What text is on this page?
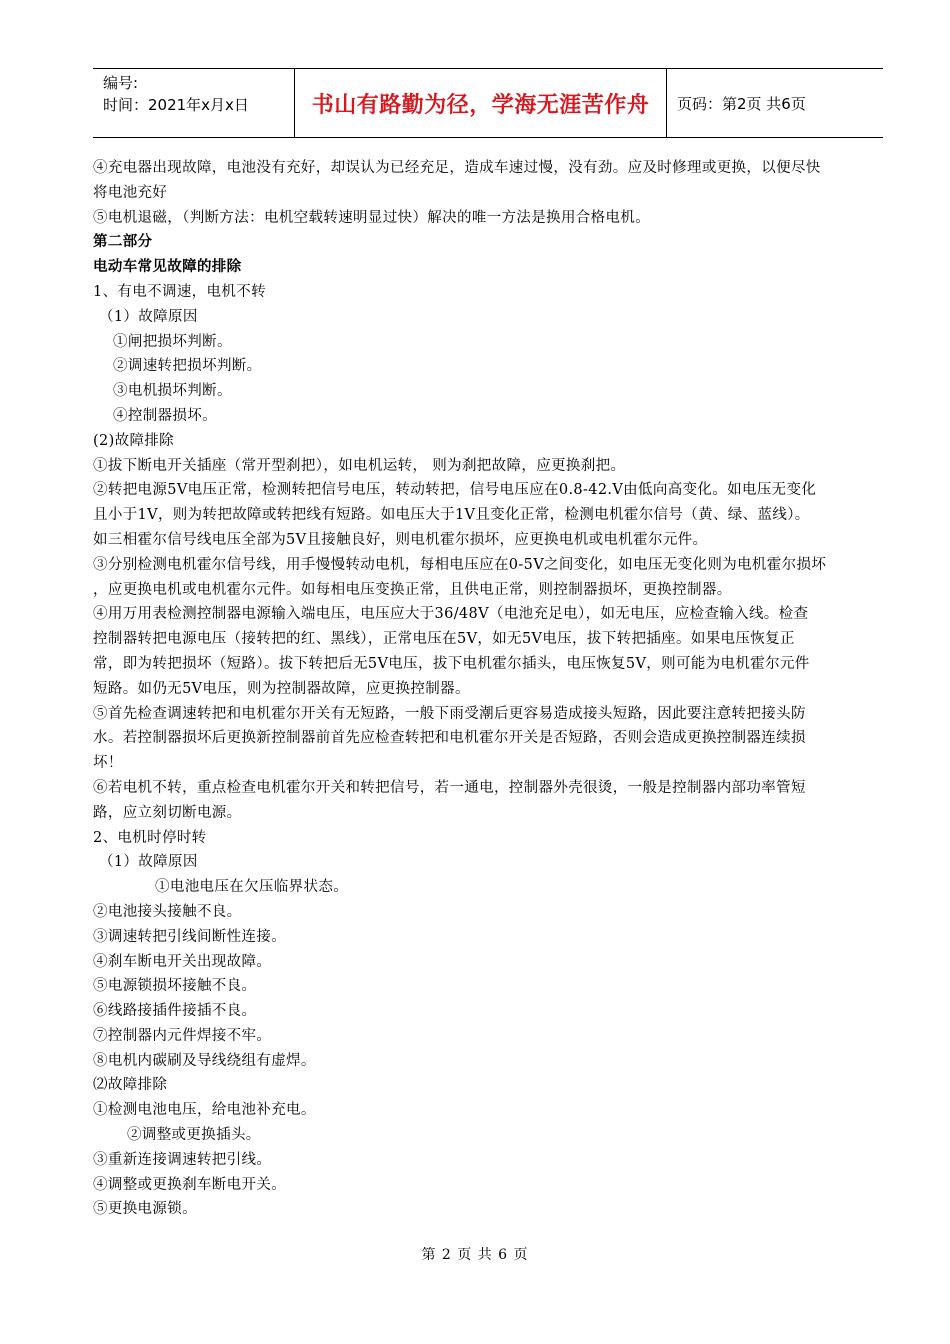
编号:
时间：2021年x月x日	书山有路勤为径，学海无涯苦作舟 页码：第2页 共6页
④充电器出现故障，电池没有充好，却误认为已经充足，造成车速过慢，没有劲。应及时修理或更换，以便尽快
将电池充好
⑤电机退磁，（判断方法：电机空载转速明显过快）解决的唯一方法是换用合格电机。
第二部分
电动车常见故障的排除
1、有电不调速，电机不转
（1）故障原因
①闸把损坏判断。
②调速转把损坏判断。
③电机损坏判断。
④控制器损坏。
(2)故障排除
①拔下断电开关插座（常开型刹把），如电机运转， 则为刹把故障，应更换刹把。
②转把电源5V电压正常，检测转把信号电压，转动转把，信号电压应在0.8-42.V由低向高变化。如电压无变化
且小于1V，则为转把故障或转把线有短路。如电压大于1V且变化正常，检测电机霍尔信号（黄、绿、蓝线）。
如三相霍尔信号线电压全部为5V且接触良好，则电机霍尔损坏，应更换电机或电机霍尔元件。
③分别检测电机霍尔信号线，用手慢慢转动电机，每相电压应在0-5V之间变化，如电压无变化则为电机霍尔损坏
，应更换电机或电机霍尔元件。如每相电压变换正常，且供电正常，则控制器损坏，更换控制器。
④用万用表检测控制器电源输入端电压，电压应大于36/48V（电池充足电），如无电压，应检查输入线。检查
控制器转把电源电压（接转把的红、黑线），正常电压在5V，如无5V电压，拔下转把插座。如果电压恢复正
常，即为转把损坏（短路）。拔下转把后无5V电压，拔下电机霍尔插头，电压恢复5V，则可能为电机霍尔元件
短路。如仍无5V电压，则为控制器故障，应更换控制器。
⑤首先检查调速转把和电机霍尔开关有无短路，一般下雨受潮后更容易造成接头短路，因此要注意转把接头防
水。若控制器损坏后更换新控制器前首先应检查转把和电机霍尔开关是否短路，否则会造成更换控制器连续损
坏！
⑥若电机不转，重点检查电机霍尔开关和转把信号，若一通电，控制器外壳很烫，一般是控制器内部功率管短
路，应立刻切断电源。
2、电机时停时转
（1）故障原因
①电池电压在欠压临界状态。
②电池接头接触不良。
③调速转把引线间断性连接。
④刹车断电开关出现故障。
⑤电源锁损坏接触不良。
⑥线路接插件接插不良。
⑦控制器内元件焊接不牢。
⑧电机内碳刷及导线绕组有虚焊。
⑵故障排除
①检测电池电压，给电池补充电。
②调整或更换插头。
③重新连接调速转把引线。
④调整或更换刹车断电开关。
⑤更换电源锁。
第 2 页 共 6 页
